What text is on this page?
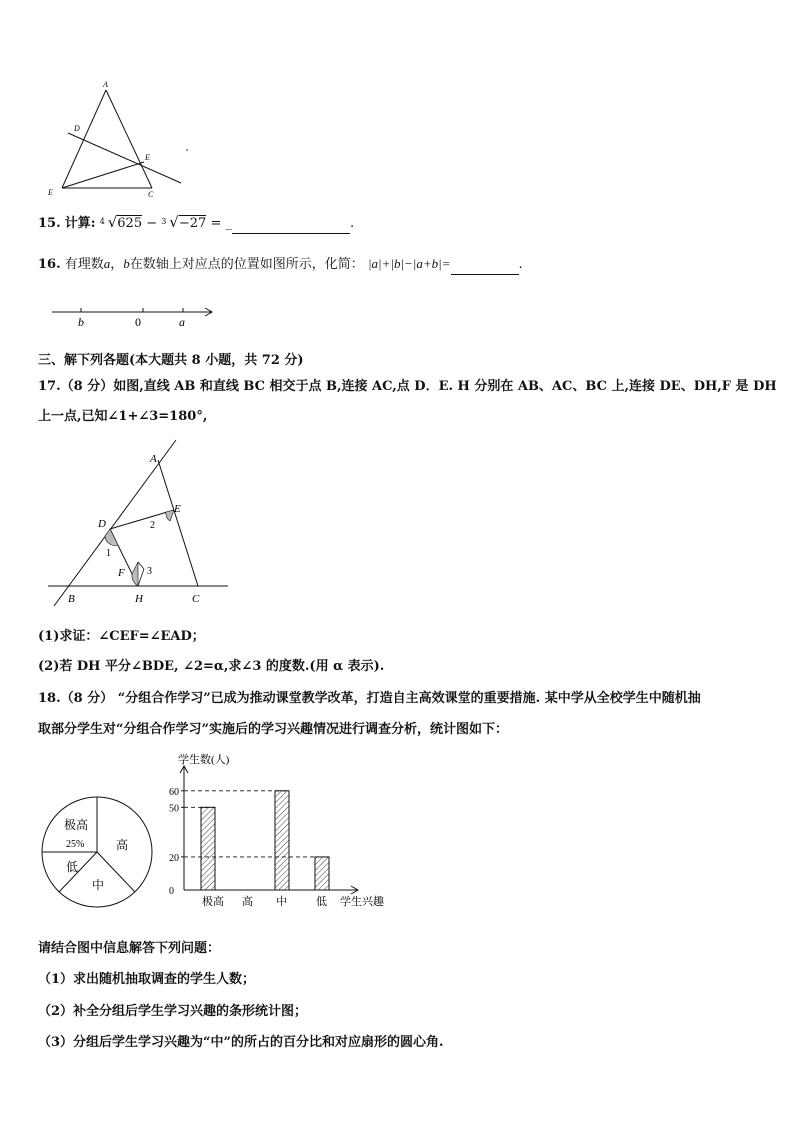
A
D
E
E	C
15. 计算: 4 √625 − 3 √−27 = _	.
16. 有理数a，b在数轴上对应点的位置如图所示，化简： |a|+|b|−|a+b|=	.
b	0	a
三、解下列各题(本大题共 8 小题，共 72 分)
17.（8 分）如图,直线 AB 和直线 BC 相交于点 B,连接 AC,点 D．E. H 分别在 AB、AC、BC 上,连接 DE、DH,F 是 DH
上一点,已知∠1+∠3=180°,
A
D
E
F
B	H	C
1
2
3
(1)求证：∠CEF=∠EAD；
(2)若 DH 平分∠BDE, ∠2=α,求∠3 的度数.(用 α 表示).
18.（8 分） “分组合作学习”已成为推动课堂教学改革，打造自主高效课堂的重要措施. 某中学从全校学生中随机抽
取部分学生对“分组合作学习”实施后的学习兴趣情况进行调查分析，统计图如下：
极高
25%	高
低
中
学生数(人)
学生兴趣
0
20
50
60
极高 高 中	低
请结合图中信息解答下列问题：
（1）求出随机抽取调查的学生人数；
（2）补全分组后学生学习兴趣的条形统计图；
（3）分组后学生学习兴趣为“中”的所占的百分比和对应扇形的圆心角.
